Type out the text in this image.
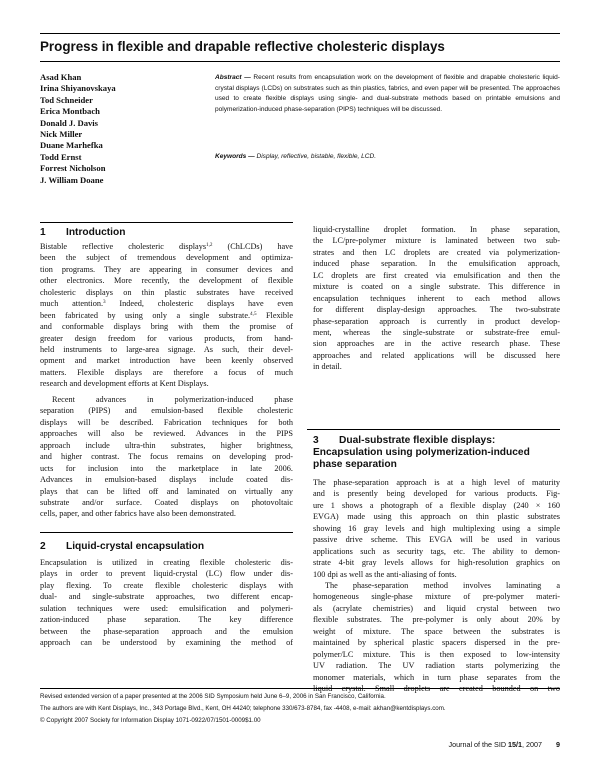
Progress in flexible and drapable reflective cholesteric displays
Asad Khan
Irina Shiyanovskaya
Tod Schneider
Erica Montbach
Donald J. Davis
Nick Miller
Duane Marhefka
Todd Ernst
Forrest Nicholson
J. William Doane
Abstract — Recent results from encapsulation work on the development of flexible and drapable cholesteric liquid-crystal displays (LCDs) on substrates such as thin plastics, fabrics, and even paper will be presented. The approaches used to create flexible displays using single- and dual-substrate methods based on printable emulsions and polymerization-induced phase-separation (PIPS) techniques will be discussed.
Keywords — Display, reflective, bistable, flexible, LCD.
1 Introduction
Bistable reflective cholesteric displays$^{1,2}$ (ChLCDs) have
been the subject of tremendous development and optimiza-
tion programs. They are appearing in consumer devices and
other electronics. More recently, the development of flexible
cholesteric displays on thin plastic substrates have received
much attention.$^3$ Indeed, cholesteric displays have even
been fabricated by using only a single substrate.$^{4,5}$ Flexible
and conformable displays bring with them the promise of
greater design freedom for various products, from hand-
held instruments to large-area signage. As such, their devel-
opment and market introduction have been keenly observed
matters. Flexible displays are therefore a focus of much
research and development efforts at Kent Displays.
Recent advances in polymerization-induced phase
separation (PIPS) and emulsion-based flexible cholesteric
displays will be described. Fabrication techniques for both
approaches will also be reviewed. Advances in the PIPS
approach include ultra-thin substrates, higher brightness,
and higher contrast. The focus remains on developing prod-
ucts for inclusion into the marketplace in late 2006.
Advances in emulsion-based displays include coated dis-
plays that can be lifted off and laminated on virtually any
substrate and/or surface. Coated displays on photovoltaic
cells, paper, and other fabrics have also been demonstrated.
2 Liquid-crystal encapsulation
Encapsulation is utilized in creating flexible cholesteric dis-
plays in order to prevent liquid-crystal (LC) flow under dis-
play flexing. To create flexible cholesteric displays with
dual- and single-substrate approaches, two different encap-
sulation techniques were used: emulsification and polymeri-
zation-induced phase separation. The key difference
between the phase-separation approach and the emulsion
approach can be understood by examining the method of
liquid-crystalline droplet formation. In phase separation,
the LC/pre-polymer mixture is laminated between two sub-
strates and then LC droplets are created via polymerization-
induced phase separation. In the emulsification approach,
LC droplets are first created via emulsification and then the
mixture is coated on a single substrate. This difference in
encapsulation techniques inherent to each method allows
for different display-design approaches. The two-substrate
phase-separation approach is currently in product develop-
ment, whereas the single-substrate or substrate-free emul-
sion approaches are in the active research phase. These
approaches and related applications will be discussed here
in detail.
3 Dual-substrate flexible displays:
Encapsulation using polymerization-induced
phase separation
The phase-separation approach is at a high level of maturity
and is presently being developed for various products. Fig-
ure 1 shows a photograph of a flexible display (240 × 160
EVGA) made using this approach on thin plastic substrates
showing 16 gray levels and high multiplexing using a simple
passive drive scheme. This EVGA will be used in various
applications such as security tags, etc. The ability to demon-
strate 4-bit gray levels allows for high-resolution graphics on
100 dpi as well as the anti-aliasing of fonts.
The phase-separation method involves laminating a
homogeneous single-phase mixture of pre-polymer materi-
als (acrylate chemistries) and liquid crystal between two
flexible substrates. The pre-polymer is only about 20% by
weight of mixture. The space between the substrates is
maintained by spherical plastic spacers dispersed in the pre-
polymer/LC mixture. This is then exposed to low-intensity
UV radiation. The UV radiation starts polymerizing the
monomer materials, which in turn phase separates from the
liquid crystal. Small droplets are created bounded on two
Revised extended version of a paper presented at the 2006 SID Symposium held June 6–9, 2006 in San Francisco, California.
The authors are with Kent Displays, Inc., 343 Portage Blvd., Kent, OH 44240; telephone 330/673-8784, fax -4408, e-mail: akhan@kentdisplays.com.
© Copyright 2007 Society for Information Display 1071-0922/07/1501-0009$1.00
Journal of the SID 15/1, 2007 9
